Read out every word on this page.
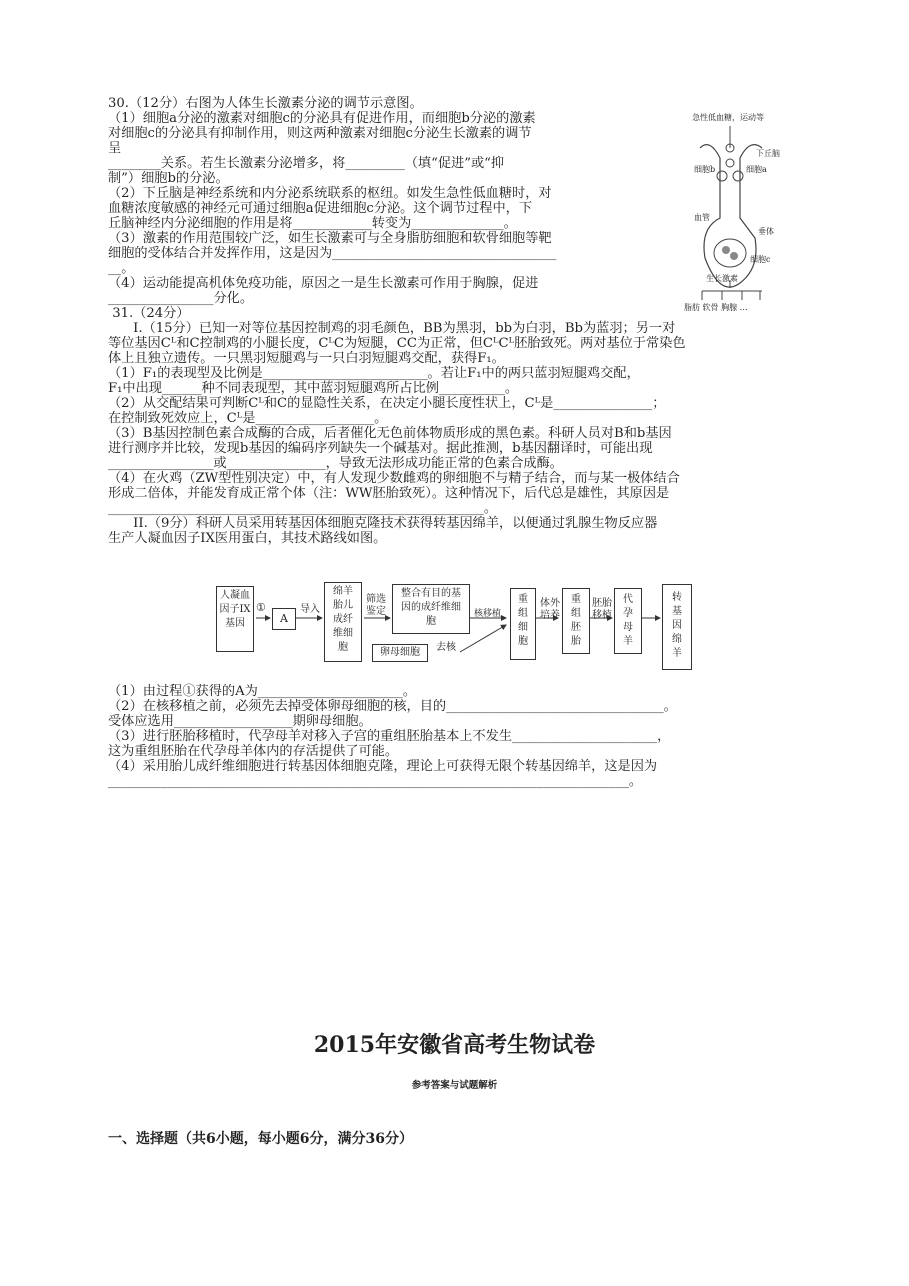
30.（12分）右图为人体生长激素分泌的调节示意图。
（1）细胞a分泌的激素对细胞c的分泌具有促进作用，而细胞b分泌的激素
对细胞c的分泌具有抑制作用，则这两种激素对细胞c分泌生长激素的调节
呈
________关系。若生长激素分泌增多，将_________（填“促进”或“抑
制”）细胞b的分泌。
（2）下丘脑是神经系统和内分泌系统联系的枢纽。如发生急性低血糖时，对
血糖浓度敏感的神经元可通过细胞a促进细胞c分泌。这个调节过程中，下
丘脑神经内分泌细胞的作用是将____________转变为______________。
（3）激素的作用范围较广泛，如生长激素可与全身脂肪细胞和软骨细胞等靶
细胞的受体结合并发挥作用，这是因为__________________________________
__。
（4）运动能提高机体免疫功能，原因之一是生长激素可作用于胸腺，促进
________________分化。
31.（24分）
I.（15分）已知一对等位基因控制鸡的羽毛颜色，BB为黑羽，bb为白羽，Bb为蓝羽；另一对
等位基因Cᴸ和C控制鸡的小腿长度，CᴸC为短腿，CC为正常，但CᴸCᴸ胚胎致死。两对基位于常染色
体上且独立遗传。一只黑羽短腿鸡与一只白羽短腿鸡交配，获得F₁。
（1）F₁的表现型及比例是_________________________。若让F₁中的两只蓝羽短腿鸡交配，
F₁中出现______种不同表现型，其中蓝羽短腿鸡所占比例__________。
（2）从交配结果可判断Cᴸ和C的显隐性关系，在决定小腿长度性状上，Cᴸ是_______________；
在控制致死效应上，Cᴸ是__________________。
（3）B基因控制色素合成酶的合成，后者催化无色前体物质形成的黑色素。科研人员对B和b基因
进行测序并比较，发现b基因的编码序列缺失一个碱基对。据此推测，b基因翻译时，可能出现
________________或_______________，导致无法形成功能正常的色素合成酶。
（4）在火鸡（ZW型性别决定）中，有人发现少数雌鸡的卵细胞不与精子结合，而与某一极体结合
形成二倍体，并能发育成正常个体（注：WW胚胎致死）。这种情况下，后代总是雄性，其原因是
_________________________________________________________。
II.（9分）科研人员采用转基因体细胞克隆技术获得转基因绵羊，以便通过乳腺生物反应器
生产人凝血因子IX医用蛋白，其技术路线如图。
（1）由过程①获得的A为______________________。
（2）在核移植之前，必须先去掉受体卵母细胞的核，目的_________________________________。
受体应选用__________________期卵母细胞。
（3）进行胚胎移植时，代孕母羊对移入子宫的重组胚胎基本上不发生______________________，
这为重组胚胎在代孕母羊体内的存活提供了可能。
（4）采用胎儿成纤维细胞进行转基因体细胞克隆，理论上可获得无限个转基因绵羊，这是因为
_______________________________________________________________________________。
急性低血糖，运动等
下丘脑
细胞b	细胞a
血管
垂体
细胞c
生长激素
脂肪 软骨 胸腺 …
人凝血因子IX基因
①
A
导入
绵羊胎儿成纤维细胞
筛选鉴定
整合有目的基因的成纤维细胞
卵母细胞	去核
核移植
重组细胞
体外培养
重组胚胎
胚胎移植
代孕母羊
转基因绵羊
2015年安徽省高考生物试卷
参考答案与试题解析
一、选择题（共6小题，每小题6分，满分36分）
